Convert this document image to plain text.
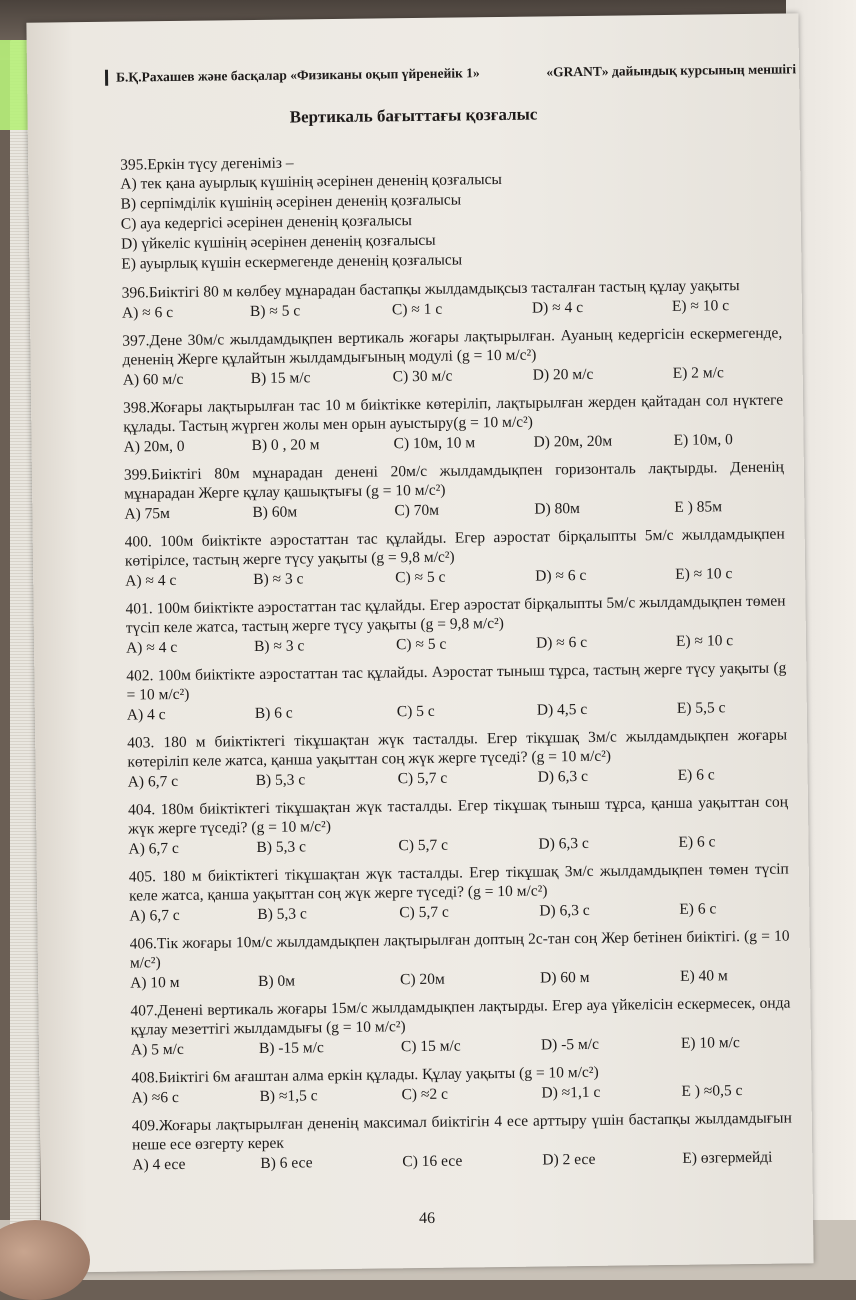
Б.Қ.Рахашев және басқалар «Физиканы оқып үйренейік 1»	«GRANT» дайындық курсының меншігі
Вертикаль бағыттағы қозғалыс
395.Еркін түсу дегеніміз –
A) тек қана ауырлық күшінің әсерінен дененің қозғалысы
B) серпімділік күшінің әсерінен дененің қозғалысы
C) ауа кедергісі әсерінен дененің қозғалысы
D) үйкеліс күшінің әсерінен дененің қозғалысы
E) ауырлық күшін ескермегенде дененің қозғалысы
396.Биіктігі 80 м көлбеу мұнарадан бастапқы жылдамдықсыз тасталған тастың құлау уақыты
A) ≈ 6 с	B) ≈ 5 с	C) ≈ 1 с	D) ≈ 4 с	E) ≈ 10 с
397.Дене 30м/с жылдамдықпен вертикаль жоғары лақтырылған. Ауаның кедергісін ескермегенде, дененің Жерге құлайтын жылдамдығының модулі (g = 10 м/с²)
A) 60 м/с	B) 15 м/с	C) 30 м/с	D) 20 м/с	E) 2 м/с
398.Жоғары лақтырылған тас 10 м биіктікке көтеріліп, лақтырылған жерден қайтадан сол нүктеге құлады. Тастың жүрген жолы мен орын ауыстыру(g = 10 м/с²)
A) 20м, 0	B) 0 , 20 м	C) 10м, 10 м	D) 20м, 20м	E) 10м, 0
399.Биіктігі 80м мұнарадан денені 20м/с жылдамдықпен горизонталь лақтырды. Дененің мұнарадан Жерге құлау қашықтығы (g = 10 м/с²)
A) 75м	B) 60м	C) 70м	D) 80м	E ) 85м
400. 100м биіктікте аэростаттан тас құлайды. Егер аэростат бірқалыпты 5м/с жылдамдықпен көтірілсе, тастың жерге түсу уақыты (g = 9,8 м/с²)
A) ≈ 4 с	B) ≈ 3 с	C) ≈ 5 с	D) ≈ 6 с	E) ≈ 10 с
401. 100м биіктікте аэростаттан тас құлайды. Егер аэростат бірқалыпты 5м/с жылдамдықпен төмен түсіп келе жатса, тастың жерге түсу уақыты (g = 9,8 м/с²)
A) ≈ 4 с	B) ≈ 3 с	C) ≈ 5 с	D) ≈ 6 с	E) ≈ 10 с
402. 100м биіктікте аэростаттан тас құлайды. Аэростат тыныш тұрса, тастың жерге түсу уақыты (g = 10 м/с²)
A) 4 с	B) 6 с	C) 5 с	D) 4,5 с	E) 5,5 с
403. 180 м биіктіктегі тікұшақтан жүк тасталды. Егер тікұшақ 3м/с жылдамдықпен жоғары көтеріліп келе жатса, қанша уақыттан соң жүк жерге түседі? (g = 10 м/с²)
A) 6,7 с	B) 5,3 с	C) 5,7 с	D) 6,3 с	E) 6 с
404. 180м биіктіктегі тікұшақтан жүк тасталды. Егер тікұшақ тыныш тұрса, қанша уақыттан соң жүк жерге түседі? (g = 10 м/с²)
A) 6,7 с	B) 5,3 с	C) 5,7 с	D) 6,3 с	E) 6 с
405. 180 м биіктіктегі тікұшақтан жүк тасталды. Егер тікұшақ 3м/с жылдамдықпен төмен түсіп келе жатса, қанша уақыттан соң жүк жерге түседі? (g = 10 м/с²)
A) 6,7 с	B) 5,3 с	C) 5,7 с	D) 6,3 с	E) 6 с
406.Тік жоғары 10м/с жылдамдықпен лақтырылған доптың 2с-тан соң Жер бетінен биіктігі. (g = 10 м/с²)
A) 10 м	B) 0м	C) 20м	D) 60 м	E) 40 м
407.Денені вертикаль жоғары 15м/с жылдамдықпен лақтырды. Егер ауа үйкелісін ескермесек, онда құлау мезеттігі жылдамдығы (g = 10 м/с²)
A) 5 м/с	B) -15 м/с	C) 15 м/с	D) -5 м/с	E) 10 м/с
408.Биіктігі 6м ағаштан алма еркін құлады. Құлау уақыты (g = 10 м/с²)
A) ≈6 с	B) ≈1,5 с	C) ≈2 с	D) ≈1,1 с	E ) ≈0,5 с
409.Жоғары лақтырылған дененің максимал биіктігін 4 есе арттыру үшін бастапқы жылдамдығын неше есе өзгерту керек
A) 4 есе	B) 6 есе	C) 16 есе	D) 2 есе	E) өзгермейді
46
